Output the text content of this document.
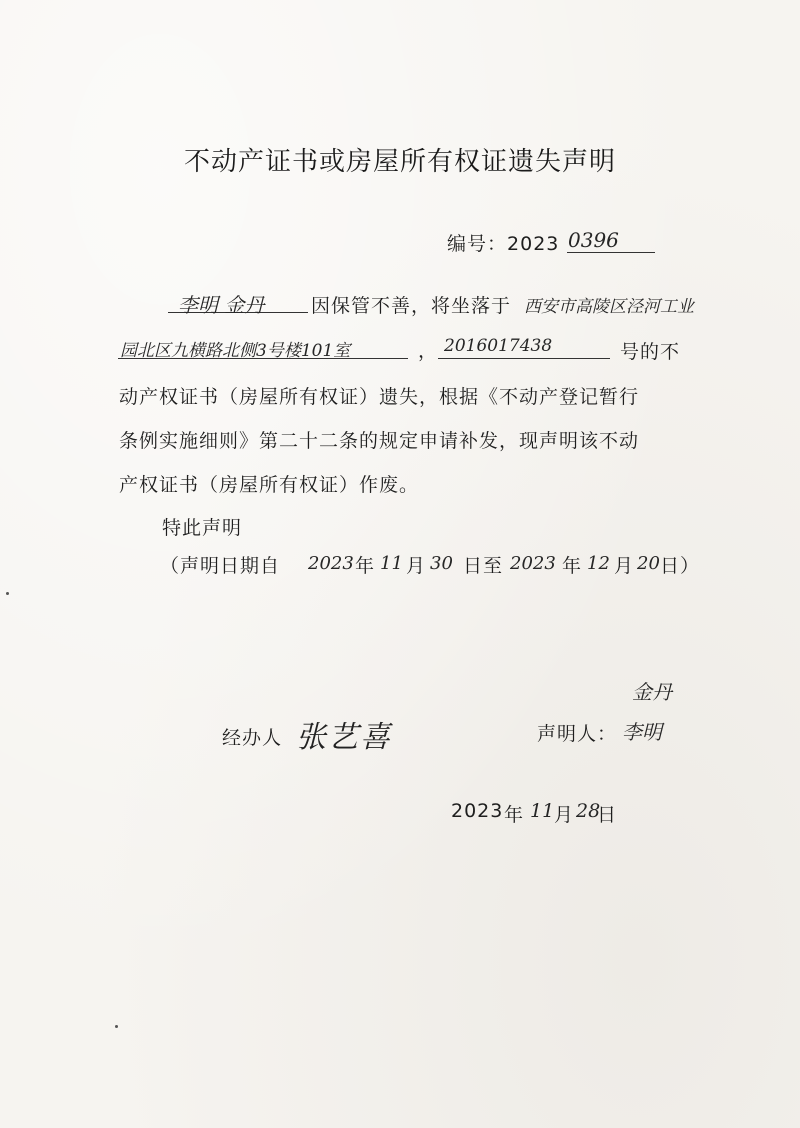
不动产证书或房屋所有权证遗失声明
编号：2023 0396
李明 金丹 因保管不善，将坐落于 西安市高陵区泾河工业
园北区九横路北侧3号楼101室	， 2016017438	号的不
动产权证书（房屋所有权证）遗失，根据《不动产登记暂行
条例实施细则》第二十二条的规定申请补发，现声明该不动
产权证书（房屋所有权证）作废。
特此声明
（声明日期自 2023 年 11 月 30 日至 2023 年 12 月 20 日）
经办人 张艺喜
金丹
声明人： 李明
2023 年 11 月 28
日
